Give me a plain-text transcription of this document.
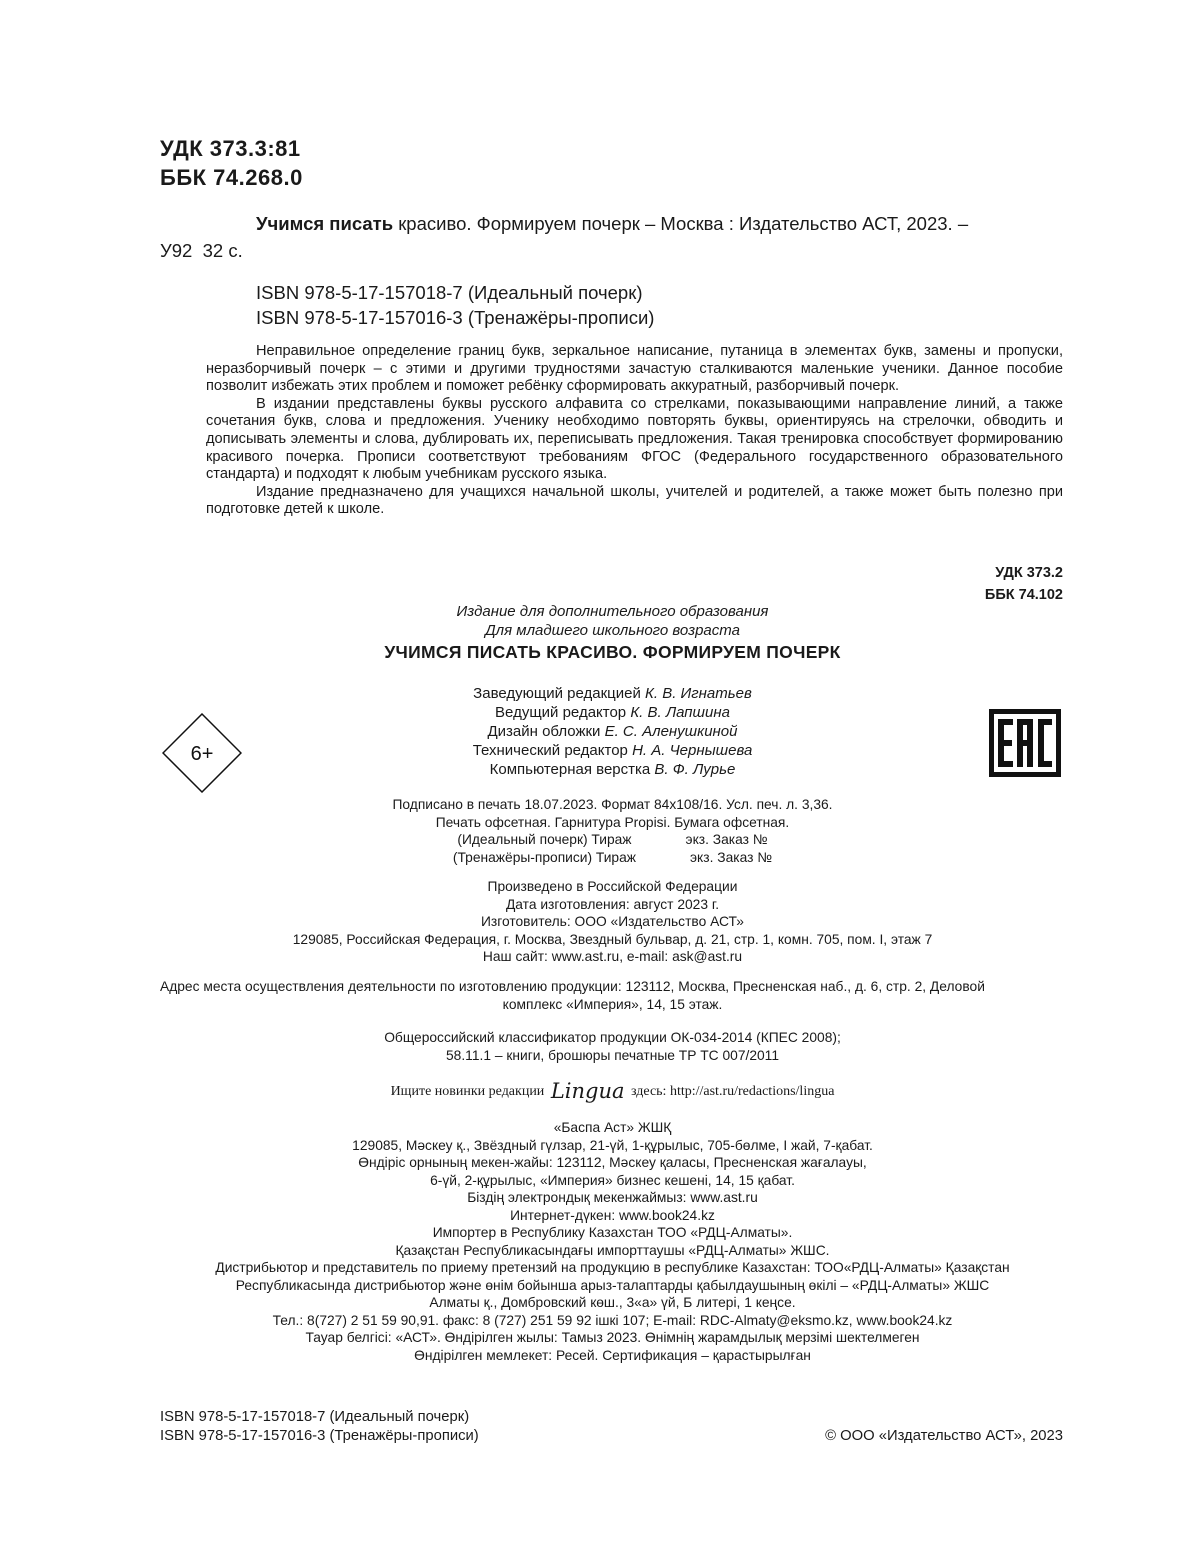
УДК 373.3:81
ББК 74.268.0
Учимся писать красиво. Формируем почерк – Москва : Издательство АСТ, 2023. –
У92 32 с.
ISBN 978-5-17-157018-7 (Идеальный почерк)
ISBN 978-5-17-157016-3 (Тренажёры-прописи)

Неправильное определение границ букв, зеркальное написание, путаница в элементах букв, замены и пропуски, неразборчивый почерк – с этими и другими трудностями зачастую сталкиваются маленькие ученики. Данное пособие позволит избежать этих проблем и поможет ребёнку сформировать аккуратный, разборчивый почерк.

В издании представлены буквы русского алфавита со стрелками, показывающими направление линий, а также сочетания букв, слова и предложения. Ученику необходимо повторять буквы, ориентируясь на стрелочки, обводить и дописывать элементы и слова, дублировать их, переписывать предложения. Такая тренировка способствует формированию красивого почерка. Прописи соответствуют требованиям ФГОС (Федерального государственного образовательного стандарта) и подходят к любым учебникам русского языка.

Издание предназначено для учащихся начальной школы, учителей и родителей, а также может быть полезно при подготовке детей к школе.

УДК 373.2
ББК 74.102
Издание для дополнительного образования
Для младшего школьного возраста
УЧИМСЯ ПИСАТЬ КРАСИВО. ФОРМИРУЕМ ПОЧЕРК
Заведующий редакцией К. В. Игнатьев
Ведущий редактор К. В. Лапшина
Дизайн обложки Е. С. Аленушкиной
Технический редактор Н. А. Чернышева
Компьютерная верстка В. Ф. Лурье
6+
Подписано в печать 18.07.2023. Формат 84x108/16. Усл. печ. л. 3,36.
Печать офсетная. Гарнитура Propisi. Бумага офсетная.
(Идеальный почерк) Тираж	экз. Заказ №
(Тренажёры-прописи) Тираж	экз. Заказ №
Произведено в Российской Федерации
Дата изготовления: август 2023 г.
Изготовитель: ООО «Издательство АСТ»
129085, Российская Федерация, г. Москва, Звездный бульвар, д. 21, стр. 1, комн. 705, пом. I, этаж 7
Наш сайт: www.ast.ru, e-mail: ask@ast.ru
Адрес места осуществления деятельности по изготовлению продукции: 123112, Москва, Пресненская наб., д. 6, стр. 2, Деловой
комплекс «Империя», 14, 15 этаж.
Общероссийский классификатор продукции ОК-034-2014 (КПЕС 2008);
58.11.1 – книги, брошюры печатные ТР ТС 007/2011
Ищите новинки редакции Lingua здесь: http://ast.ru/redactions/lingua
«Баспа Аст» ЖШҚ
129085, Мәскеу қ., Звёздный гүлзар, 21-үй, 1-құрылыс, 705-бөлме, I жай, 7-қабат.
Өндіріс орнының мекен-жайы: 123112, Мәскеу қаласы, Пресненская жағалауы,
6-үй, 2-құрылыс, «Империя» бизнес кешені, 14, 15 қабат.
Біздің электрондық мекенжаймыз: www.ast.ru
Интернет-дүкен: www.book24.kz
Импортер в Республику Казахстан ТОО «РДЦ-Алматы».
Қазақстан Республикасындағы импорттаушы «РДЦ-Алматы» ЖШС.
Дистрибьютор и представитель по приему претензий на продукцию в республике Казахстан: ТОО«РДЦ-Алматы» Қазақстан
Республикасында дистрибьютор және өнім бойынша арыз-талаптарды қабылдаушының өкілі – «РДЦ-Алматы» ЖШС
Алматы қ., Домбровский көш., 3«а» үй, Б литері, 1 кеңсе.
Тел.: 8(727) 2 51 59 90,91. факс: 8 (727) 251 59 92 ішкі 107; E-mail: RDC-Almaty@eksmo.kz, www.book24.kz
Тауар белгісі: «АСТ». Өндірілген жылы: Тамыз 2023. Өнімнің жарамдылық мерзімі шектелмеген
Өндірілген мемлекет: Ресей. Сертификация – қарастырылған
ISBN 978-5-17-157018-7 (Идеальный почерк)
ISBN 978-5-17-157016-3 (Тренажёры-прописи)	© ООО «Издательство АСТ», 2023
